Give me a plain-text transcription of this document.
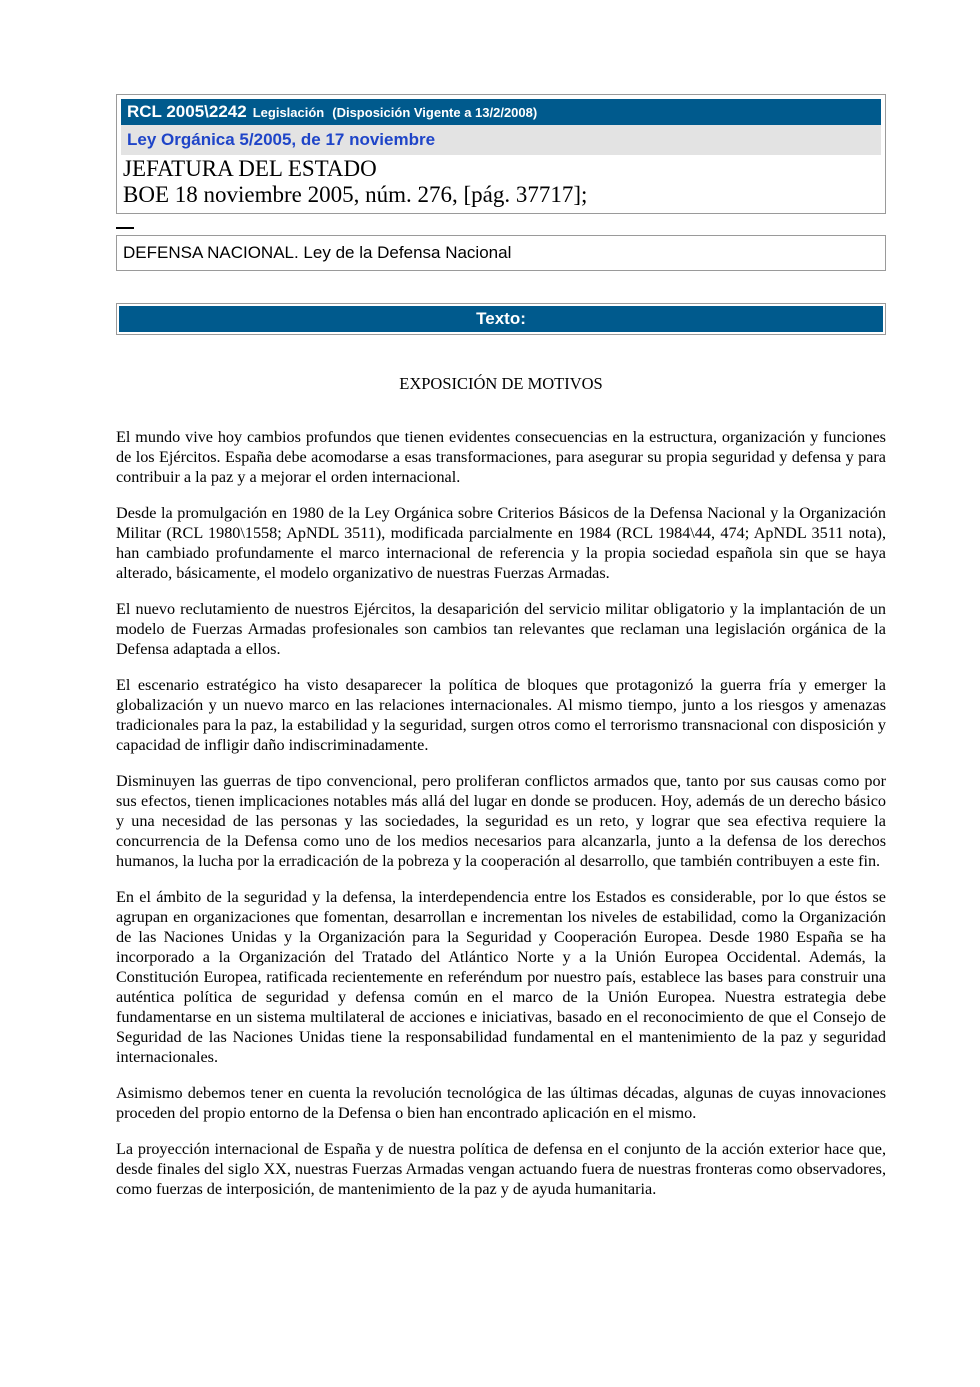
RCL 2005\2242 Legislación (Disposición Vigente a 13/2/2008)
Ley Orgánica 5/2005, de 17 noviembre
JEFATURA DEL ESTADO
BOE 18 noviembre 2005, núm. 276, [pág. 37717];
DEFENSA NACIONAL. Ley de la Defensa Nacional
Texto:
EXPOSICIÓN DE MOTIVOS

El mundo vive hoy cambios profundos que tienen evidentes consecuencias en la estructura, organización y funciones de los Ejércitos. España debe acomodarse a esas transformaciones, para asegurar su propia seguridad y defensa y para contribuir a la paz y a mejorar el orden internacional.

Desde la promulgación en 1980 de la Ley Orgánica sobre Criterios Básicos de la Defensa Nacional y la Organización Militar (RCL 1980\1558; ApNDL 3511), modificada parcialmente en 1984 (RCL 1984\44, 474; ApNDL 3511 nota), han cambiado profundamente el marco internacional de referencia y la propia sociedad española sin que se haya alterado, básicamente, el modelo organizativo de nuestras Fuerzas Armadas.

El nuevo reclutamiento de nuestros Ejércitos, la desaparición del servicio militar obligatorio y la implantación de un modelo de Fuerzas Armadas profesionales son cambios tan relevantes que reclaman una legislación orgánica de la Defensa adaptada a ellos.

El escenario estratégico ha visto desaparecer la política de bloques que protagonizó la guerra fría y emerger la globalización y un nuevo marco en las relaciones internacionales. Al mismo tiempo, junto a los riesgos y amenazas tradicionales para la paz, la estabilidad y la seguridad, surgen otros como el terrorismo transnacional con disposición y capacidad de infligir daño indiscriminadamente.

Disminuyen las guerras de tipo convencional, pero proliferan conflictos armados que, tanto por sus causas como por sus efectos, tienen implicaciones notables más allá del lugar en donde se producen. Hoy, además de un derecho básico y una necesidad de las personas y las sociedades, la seguridad es un reto, y lograr que sea efectiva requiere la concurrencia de la Defensa como uno de los medios necesarios para alcanzarla, junto a la defensa de los derechos humanos, la lucha por la erradicación de la pobreza y la cooperación al desarrollo, que también contribuyen a este fin.

En el ámbito de la seguridad y la defensa, la interdependencia entre los Estados es considerable, por lo que éstos se agrupan en organizaciones que fomentan, desarrollan e incrementan los niveles de estabilidad, como la Organización de las Naciones Unidas y la Organización para la Seguridad y Cooperación Europea. Desde 1980 España se ha incorporado a la Organización del Tratado del Atlántico Norte y a la Unión Europea Occidental. Además, la Constitución Europea, ratificada recientemente en referéndum por nuestro país, establece las bases para construir una auténtica política de seguridad y defensa común en el marco de la Unión Europea. Nuestra estrategia debe fundamentarse en un sistema multilateral de acciones e iniciativas, basado en el reconocimiento de que el Consejo de Seguridad de las Naciones Unidas tiene la responsabilidad fundamental en el mantenimiento de la paz y seguridad internacionales.

Asimismo debemos tener en cuenta la revolución tecnológica de las últimas décadas, algunas de cuyas innovaciones proceden del propio entorno de la Defensa o bien han encontrado aplicación en el mismo.

La proyección internacional de España y de nuestra política de defensa en el conjunto de la acción exterior hace que, desde finales del siglo XX, nuestras Fuerzas Armadas vengan actuando fuera de nuestras fronteras como observadores, como fuerzas de interposición, de mantenimiento de la paz y de ayuda humanitaria.
